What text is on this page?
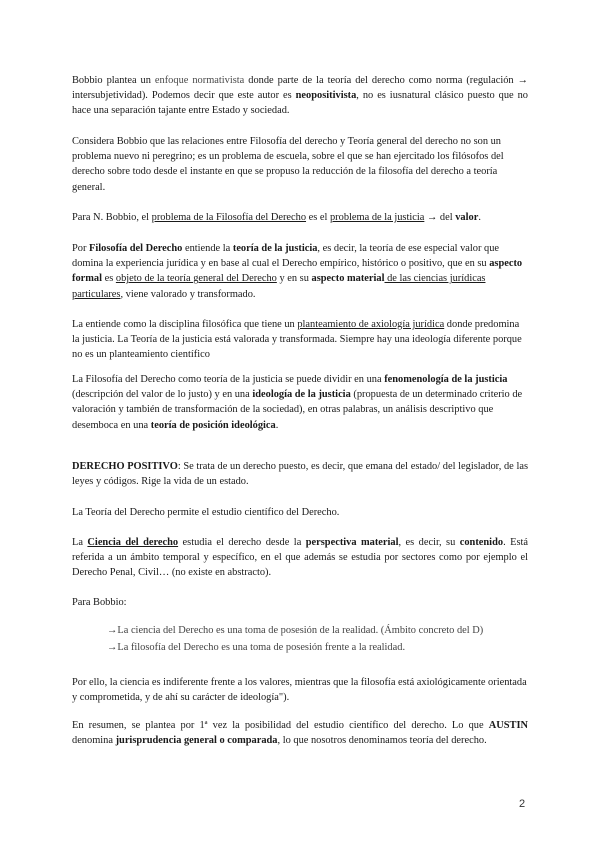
Bobbio plantea un enfoque normativista donde parte de la teoría del derecho como norma (regulación → intersubjetividad). Podemos decir que este autor es neopositivista, no es iusnatural clásico puesto que no hace una separación tajante entre Estado y sociedad.
Considera Bobbio que las relaciones entre Filosofía del derecho y Teoría general del derecho no son un problema nuevo ni peregrino; es un problema de escuela, sobre el que se han ejercitado los filósofos del derecho sobre todo desde el instante en que se propuso la reducción de la filosofía del derecho a teoría general.
Para N. Bobbio, el problema de la Filosofía del Derecho es el problema de la justicia → del valor.
Por Filosofía del Derecho entiende la teoría de la justicia, es decir, la teoría de ese especial valor que domina la experiencia jurídica y en base al cual el Derecho empírico, histórico o positivo, que en su aspecto formal es objeto de la teoría general del Derecho y en su aspecto material de las ciencias jurídicas particulares, viene valorado y transformado.
La entiende como la disciplina filosófica que tiene un planteamiento de axiología jurídica donde predomina la justicia. La Teoría de la justicia está valorada y transformada. Siempre hay una ideología diferente porque no es un planteamiento científico
La Filosofía del Derecho como teoría de la justicia se puede dividir en una fenomenología de la justicia (descripción del valor de lo justo) y en una ideología de la justicia (propuesta de un determinado criterio de valoración y también de transformación de la sociedad), en otras palabras, un análisis descriptivo que desemboca en una teoría de posición ideológica.
DERECHO POSITIVO: Se trata de un derecho puesto, es decir, que emana del estado/ del legislador, de las leyes y códigos. Rige la vida de un estado.
La Teoría del Derecho permite el estudio científico del Derecho.
La Ciencia del derecho estudia el derecho desde la perspectiva material, es decir, su contenido. Está referida a un ámbito temporal y específico, en el que además se estudia por sectores como por ejemplo el Derecho Penal, Civil… (no existe en abstracto).
Para Bobbio:
→La ciencia del Derecho es una toma de posesión de la realidad. (Ámbito concreto del D)
→La filosofía del Derecho es una toma de posesión frente a la realidad.
Por ello, la ciencia es indiferente frente a los valores, mientras que la filosofía está axiológicamente orientada y comprometida, y de ahí su carácter de ideología").
En resumen, se plantea por 1ª vez la posibilidad del estudio científico del derecho. Lo que AUSTIN denomina jurisprudencia general o comparada, lo que nosotros denominamos teoría del derecho.
2
